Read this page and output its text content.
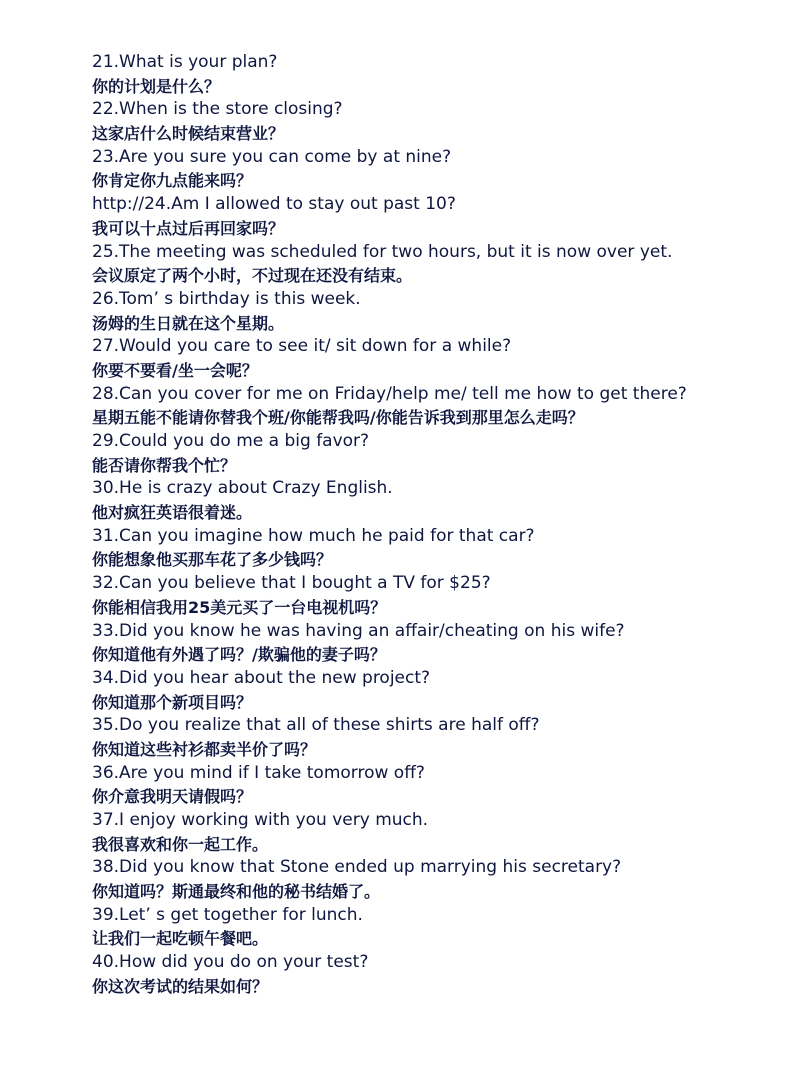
21.What is your plan?
你的计划是什么？
22.When is the store closing?
这家店什么时候结束营业？
23.Are you sure you can come by at nine?
你肯定你九点能来吗？
http://24.Am I allowed to stay out past 10?
我可以十点过后再回家吗？
25.The meeting was scheduled for two hours, but it is now over yet.
会议原定了两个小时，不过现在还没有结束。
26.Tom’ s birthday is this week.
汤姆的生日就在这个星期。
27.Would you care to see it/ sit down for a while?
你要不要看/坐一会呢？
28.Can you cover for me on Friday/help me/ tell me how to get there?
星期五能不能请你替我个班/你能帮我吗/你能告诉我到那里怎么走吗？
29.Could you do me a big favor?
能否请你帮我个忙？
30.He is crazy about Crazy English.
他对疯狂英语很着迷。
31.Can you imagine how much he paid for that car?
你能想象他买那车花了多少钱吗？
32.Can you believe that I bought a TV for $25?
你能相信我用25美元买了一台电视机吗？
33.Did you know he was having an affair/cheating on his wife?
你知道他有外遇了吗？/欺骗他的妻子吗？
34.Did you hear about the new project?
你知道那个新项目吗？
35.Do you realize that all of these shirts are half off?
你知道这些衬衫都卖半价了吗？
36.Are you mind if I take tomorrow off?
你介意我明天请假吗？
37.I enjoy working with you very much.
我很喜欢和你一起工作。
38.Did you know that Stone ended up marrying his secretary?
你知道吗？斯通最终和他的秘书结婚了。
39.Let’ s get together for lunch.
让我们一起吃顿午餐吧。
40.How did you do on your test?
你这次考试的结果如何？
